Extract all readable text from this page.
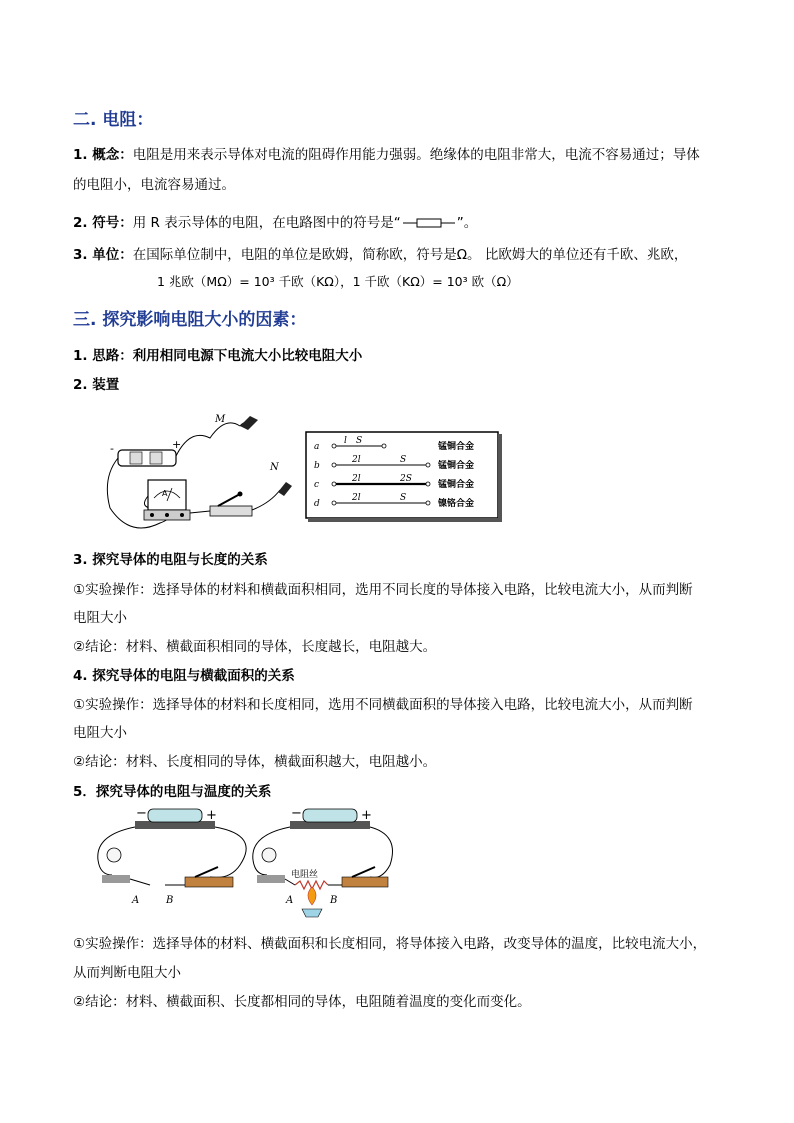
二. 电阻：
1. 概念：电阻是用来表示导体对电流的阻碍作用能力强弱。绝缘体的电阻非常大，电流不容易通过；导体
的电阻小，电流容易通过。
2. 符号：用 R 表示导体的电阻，在电路图中的符号是“	”。
3. 单位：在国际单位制中，电阻的单位是欧姆，简称欧，符号是Ω。 比欧姆大的单位还有千欧、兆欧，
1 兆欧（MΩ）= 10³ 千欧（KΩ），1 千欧（KΩ）= 10³ 欧（Ω）
三. 探究影响电阻大小的因素：
1. 思路：利用相同电源下电流大小比较电阻大小
2. 装置
-	+
M
A
N
a
l S
锰铜合金
b
2l	S
锰铜合金
c
2l	2S
锰铜合金
d
2l	S
镍铬合金
3. 探究导体的电阻与长度的关系
①实验操作：选择导体的材料和横截面积相同，选用不同长度的导体接入电路，比较电流大小，从而判断
电阻大小
②结论：材料、横截面积相同的导体，长度越长，电阻越大。
4. 探究导体的电阻与横截面积的关系
①实验操作：选择导体的材料和长度相同，选用不同横截面积的导体接入电路，比较电流大小，从而判断
电阻大小
②结论：材料、长度相同的导体，横截面积越大，电阻越小。
5．探究导体的电阻与温度的关系
−	+
A	B
−	+
电阻丝
A	B
①实验操作：选择导体的材料、横截面积和长度相同，将导体接入电路，改变导体的温度，比较电流大小，
从而判断电阻大小
②结论：材料、横截面积、长度都相同的导体，电阻随着温度的变化而变化。
